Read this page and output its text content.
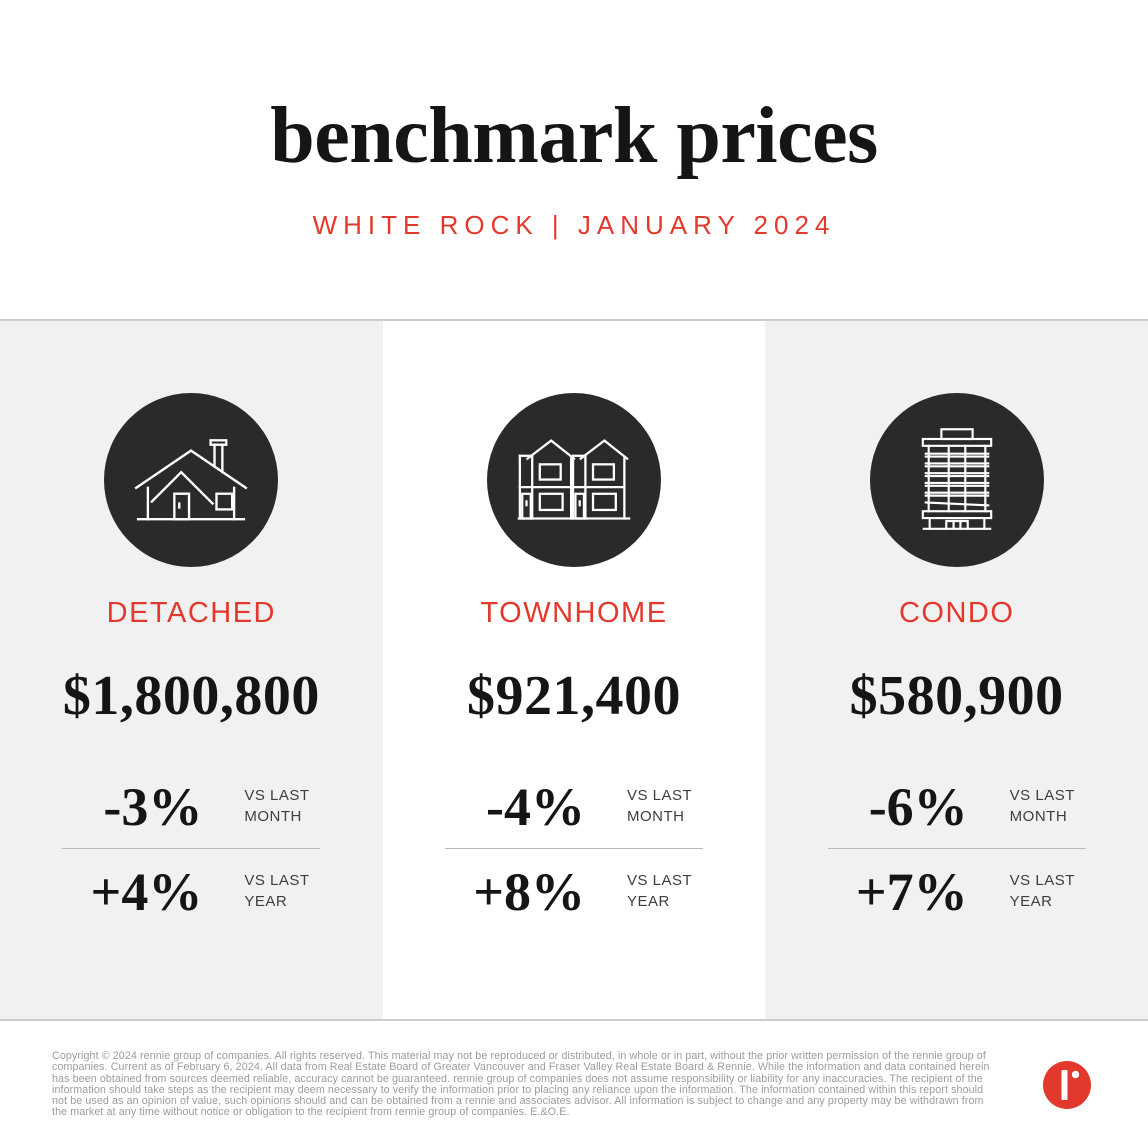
benchmark prices
WHITE ROCK | JANUARY 2024
DETACHED
$1,800,800
-3%	VS LAST MONTH
+4%	VS LAST YEAR
TOWNHOME
$921,400
-4%	VS LAST MONTH
+8%	VS LAST YEAR
CONDO
$580,900
-6%	VS LAST MONTH
+7%	VS LAST YEAR

Copyright © 2024 rennie group of companies. All rights reserved. This material may not be reproduced or distributed, in whole or in part, without the prior written permission of the rennie group of companies. Current as of February 6, 2024. All data from Real Estate Board of Greater Vancouver and Fraser Valley Real Estate Board & Rennie. While the information and data contained herein has been obtained from sources deemed reliable, accuracy cannot be guaranteed. rennie group of companies does not assume responsibility or liability for any inaccuracies. The recipient of the information should take steps as the recipient may deem necessary to verify the information prior to placing any reliance upon the information. The information contained within this report should not be used as an opinion of value, such opinions should and can be obtained from a rennie and associates advisor. All information is subject to change and any property may be withdrawn from the market at any time without notice or obligation to the recipient from rennie group of companies. E.&O.E.
